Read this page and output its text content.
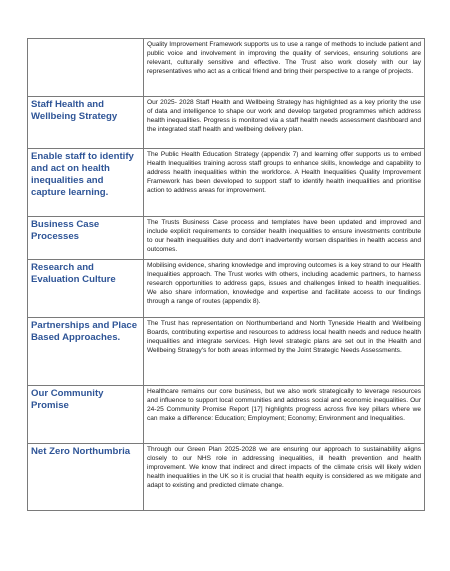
	Quality Improvement Framework supports us to use a range of methods to include patient and public voice and involvement in improving the quality of services, ensuring solutions are relevant, culturally sensitive and effective. The Trust also work closely with our lay representatives who act as a critical friend and bring their perspective to a range of projects.

Staff Health and Wellbeing Strategy	Our 2025- 2028 Staff Health and Wellbeing Strategy has highlighted as a key priority the use of data and intelligence to shape our work and develop targeted programmes which address health inequalities. Progress is monitored via a staff health needs assessment dashboard and the integrated staff health and wellbeing delivery plan.

Enable staff to identify and act on health inequalities and capture learning.	The Public Health Education Strategy (appendix 7) and learning offer supports us to embed Health Inequalities training across staff groups to enhance skills, knowledge and capability to address health inequalities within the workforce. A Health Inequalities Quality Improvement Framework has been developed to support staff to identify health inequalities and prioritise action to address areas for improvement.

Business Case Processes	The Trusts Business Case process and templates have been updated and improved and include explicit requirements to consider health inequalities to ensure investments contribute to our health inequalities duty and don't inadvertently worsen disparities in health access and outcomes.

Research and Evaluation Culture	Mobilising evidence, sharing knowledge and improving outcomes is a key strand to our Health Inequalities approach. The Trust works with others, including academic partners, to harness research opportunities to address gaps, issues and challenges linked to health inequalities. We also share information, knowledge and expertise and facilitate access to our findings through a range of routes (appendix 8).

Partnerships and Place Based Approaches.	The Trust has representation on Northumberland and North Tyneside Health and Wellbeing Boards, contributing expertise and resources to address local health needs and reduce health inequalities and integrate services. High level strategic plans are set out in the Health and Wellbeing Strategy's for both areas informed by the Joint Strategic Needs Assessments.

Our Community Promise	Healthcare remains our core business, but we also work strategically to leverage resources and influence to support local communities and address social and economic inequalities. Our 24-25 Community Promise Report [17] highlights progress across five key pillars where we can make a difference: Education; Employment; Economy; Environment and Inequalities.

Net Zero Northumbria	Through our Green Plan 2025-2028 we are ensuring our approach to sustainability aligns closely to our NHS role in addressing inequalities, ill health prevention and health improvement. We know that indirect and direct impacts of the climate crisis will likely widen health inequalities in the UK so it is crucial that health equity is considered as we mitigate and adapt to existing and predicted climate change.
